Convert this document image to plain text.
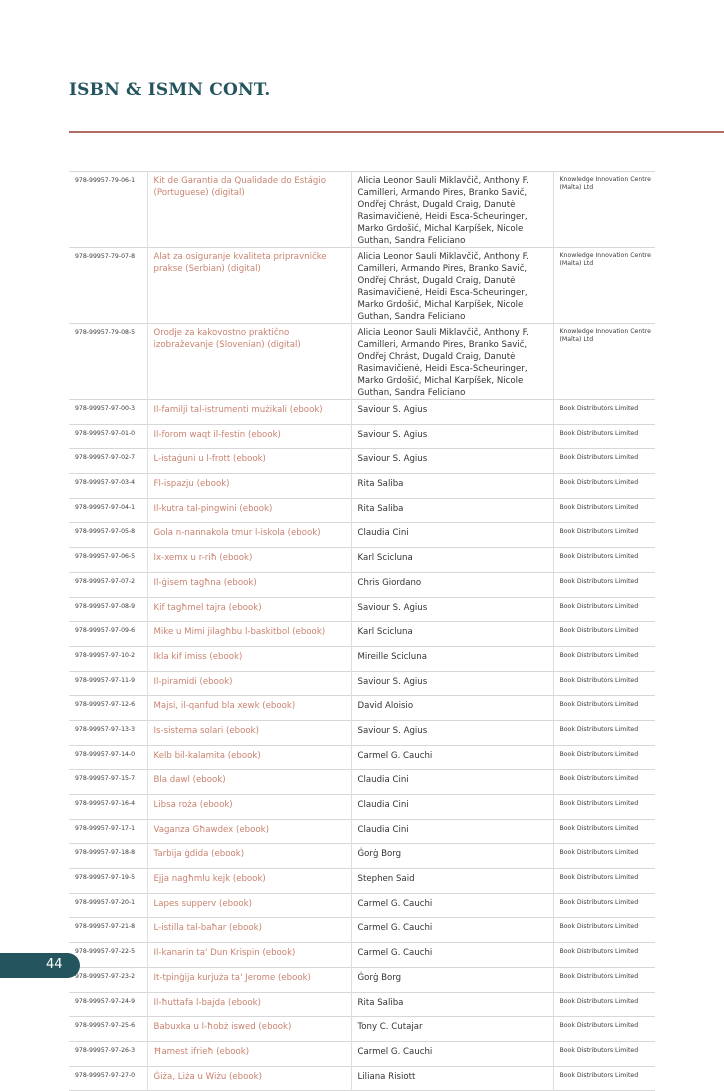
ISBN & ISMN CONT.
978-99957-79-06-1	Kit de Garantia da Qualidade do Estágio (Portuguese) (digital)	Alicia Leonor Sauli Miklavčič, Anthony F. Camilleri, Armando Pires, Branko Savič, Ondřej Chrást, Dugald Craig, Danutė Rasimavičienė, Heidi Esca-Scheuringer, Marko Grdošić, Michal Karpíšek, Nicole Guthan, Sandra Feliciano	Knowledge Innovation Centre (Malta) Ltd
978-99957-79-07-8	Alat za osiguranje kvaliteta pripravničke prakse (Serbian) (digital)	Alicia Leonor Sauli Miklavčič, Anthony F. Camilleri, Armando Pires, Branko Savič, Ondřej Chrást, Dugald Craig, Danutė Rasimavičienė, Heidi Esca-Scheuringer, Marko Grdošić, Michal Karpíšek, Nicole Guthan, Sandra Feliciano	Knowledge Innovation Centre (Malta) Ltd
978-99957-79-08-5	Orodje za kakovostno praktično izobraževanje (Slovenian) (digital)	Alicia Leonor Sauli Miklavčič, Anthony F. Camilleri, Armando Pires, Branko Savič, Ondřej Chrást, Dugald Craig, Danutė Rasimavičienė, Heidi Esca-Scheuringer, Marko Grdošić, Michal Karpíšek, Nicole Guthan, Sandra Feliciano	Knowledge Innovation Centre (Malta) Ltd
978-99957-97-00-3	Il-familji tal-istrumenti mużikali (ebook)	Saviour S. Agius	Book Distributors Limited
978-99957-97-01-0	Il-forom waqt il-festin (ebook)	Saviour S. Agius	Book Distributors Limited
978-99957-97-02-7	L-istaġuni u l-frott (ebook)	Saviour S. Agius	Book Distributors Limited
978-99957-97-03-4	Fl-ispazju (ebook)	Rita Saliba	Book Distributors Limited
978-99957-97-04-1	Il-kutra tal-pingwini (ebook)	Rita Saliba	Book Distributors Limited
978-99957-97-05-8	Gola n-nannakola tmur l-iskola (ebook)	Claudia Cini	Book Distributors Limited
978-99957-97-06-5	Ix-xemx u r-riħ (ebook)	Karl Scicluna	Book Distributors Limited
978-99957-97-07-2	Il-ġisem tagħna (ebook)	Chris Giordano	Book Distributors Limited
978-99957-97-08-9	Kif tagħmel tajra (ebook)	Saviour S. Agius	Book Distributors Limited
978-99957-97-09-6	Mike u Mimi jilagħbu l-baskitbol (ebook)	Karl Scicluna	Book Distributors Limited
978-99957-97-10-2	Ikla kif imiss (ebook)	Mireille Scicluna	Book Distributors Limited
978-99957-97-11-9	Il-piramidi (ebook)	Saviour S. Agius	Book Distributors Limited
978-99957-97-12-6	Majsi, il-qanfud bla xewk (ebook)	David Aloisio	Book Distributors Limited
978-99957-97-13-3	Is-sistema solari (ebook)	Saviour S. Agius	Book Distributors Limited
978-99957-97-14-0	Kelb bil-kalamita (ebook)	Carmel G. Cauchi	Book Distributors Limited
978-99957-97-15-7	Bla dawl (ebook)	Claudia Cini	Book Distributors Limited
978-99957-97-16-4	Libsa roża (ebook)	Claudia Cini	Book Distributors Limited
978-99957-97-17-1	Vaganza Għawdex (ebook)	Claudia Cini	Book Distributors Limited
978-99957-97-18-8	Tarbija ġdida (ebook)	Ġorġ Borg	Book Distributors Limited
978-99957-97-19-5	Ejja nagħmlu kejk (ebook)	Stephen Said	Book Distributors Limited
978-99957-97-20-1	Lapes supperv (ebook)	Carmel G. Cauchi	Book Distributors Limited
978-99957-97-21-8	L-istilla tal-baħar (ebook)	Carmel G. Cauchi	Book Distributors Limited
978-99957-97-22-5	Il-kanarin ta' Dun Krispin (ebook)	Carmel G. Cauchi	Book Distributors Limited
978-99957-97-23-2	It-tpinġija kurjuża ta' Jerome (ebook)	Ġorġ Borg	Book Distributors Limited
978-99957-97-24-9	Il-ħuttafa l-bajda (ebook)	Rita Saliba	Book Distributors Limited
978-99957-97-25-6	Babuxka u l-ħobż iswed (ebook)	Tony C. Cutajar	Book Distributors Limited
978-99957-97-26-3	Ħamest ifrieħ (ebook)	Carmel G. Cauchi	Book Distributors Limited
978-99957-97-27-0	Ġiża, Liża u Wiżu (ebook)	Liliana Risiott	Book Distributors Limited
44
